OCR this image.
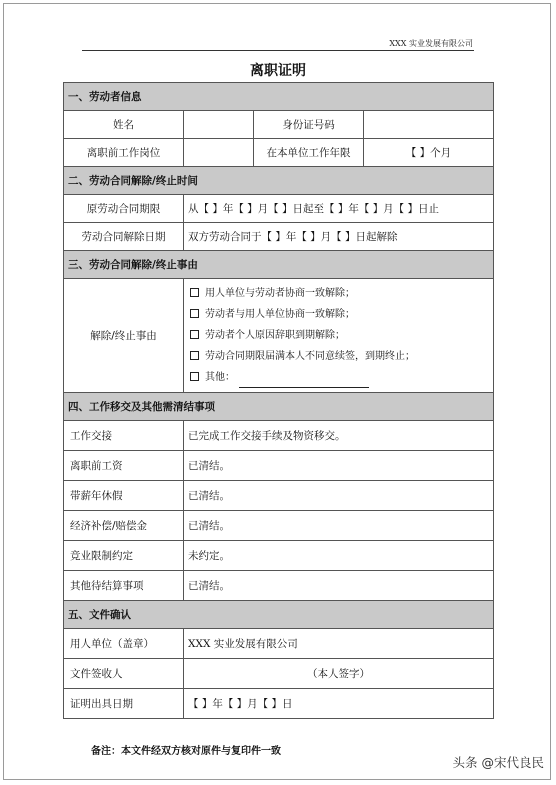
XXX 实业发展有限公司
离职证明
一、劳动者信息			
姓名		身份证号码	
离职前工作岗位		在本单位工作年限	【 】个月
二、劳动合同解除/终止时间			
原劳动合同期限	从【 】年【 】月【 】日起至【 】年【 】月【 】日止		
劳动合同解除日期	双方劳动合同于【 】年【 】月【 】日起解除		
三、劳动合同解除/终止事由			
解除/终止事由	用人单位与劳动者协商一致解除；
劳动者与用人单位协商一致解除；
劳动者个人原因辞职到期解除；
劳动合同期限届满本人不同意续签，到期终止；
其他：		

四、工作移交及其他需清结事项			
工作交接	已完成工作交接手续及物资移交。		
离职前工资	已清结。		
带薪年休假	已清结。		
经济补偿/赔偿金	已清结。		
竞业限制约定	未约定。		
其他待结算事项	已清结。		
五、文件确认			
用人单位（盖章）	XXX 实业发展有限公司		
文件签收人	（本人签字）		
证明出具日期	【 】年【 】月【 】日		
备注：本文件经双方核对原件与复印件一致
头条 @宋代良民
